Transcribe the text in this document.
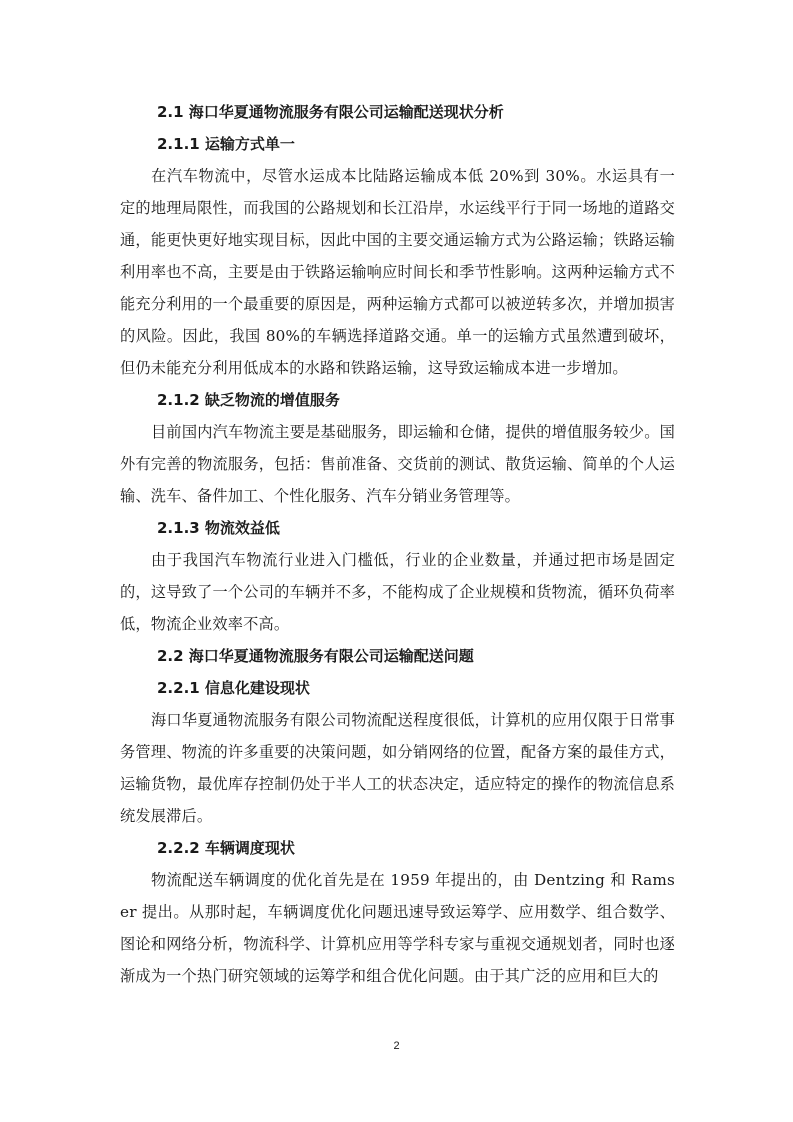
2.1 海口华夏通物流服务有限公司运输配送现状分析
2.1.1 运输方式单一

在汽车物流中，尽管水运成本比陆路运输成本低 20%到 30%。水运具有一定的地理局限性，而我国的公路规划和长江沿岸，水运线平行于同一场地的道路交通，能更快更好地实现目标，因此中国的主要交通运输方式为公路运输；铁路运输利用率也不高，主要是由于铁路运输响应时间长和季节性影响。这两种运输方式不能充分利用的一个最重要的原因是，两种运输方式都可以被逆转多次，并增加损害的风险。因此，我国 80%的车辆选择道路交通。单一的运输方式虽然遭到破坏，但仍未能充分利用低成本的水路和铁路运输，这导致运输成本进一步增加。

2.1.2 缺乏物流的增值服务

目前国内汽车物流主要是基础服务，即运输和仓储，提供的增值服务较少。国外有完善的物流服务，包括：售前准备、交货前的测试、散货运输、简单的个人运输、洗车、备件加工、个性化服务、汽车分销业务管理等。

2.1.3 物流效益低

由于我国汽车物流行业进入门槛低，行业的企业数量，并通过把市场是固定的，这导致了一个公司的车辆并不多，不能构成了企业规模和货物流，循环负荷率低，物流企业效率不高。

2.2 海口华夏通物流服务有限公司运输配送问题
2.2.1 信息化建设现状

海口华夏通物流服务有限公司物流配送程度很低，计算机的应用仅限于日常事务管理、物流的许多重要的决策问题，如分销网络的位置，配备方案的最佳方式，运输货物，最优库存控制仍处于半人工的状态决定，适应特定的操作的物流信息系统发展滞后。

2.2.2 车辆调度现状

物流配送车辆调度的优化首先是在 1959 年提出的，由 Dentzing 和 Ramser 提出。从那时起，车辆调度优化问题迅速导致运筹学、应用数学、组合数学、图论和网络分析，物流科学、计算机应用等学科专家与重视交通规划者，同时也逐渐成为一个热门研究领域的运筹学和组合优化问题。由于其广泛的应用和巨大的

2
